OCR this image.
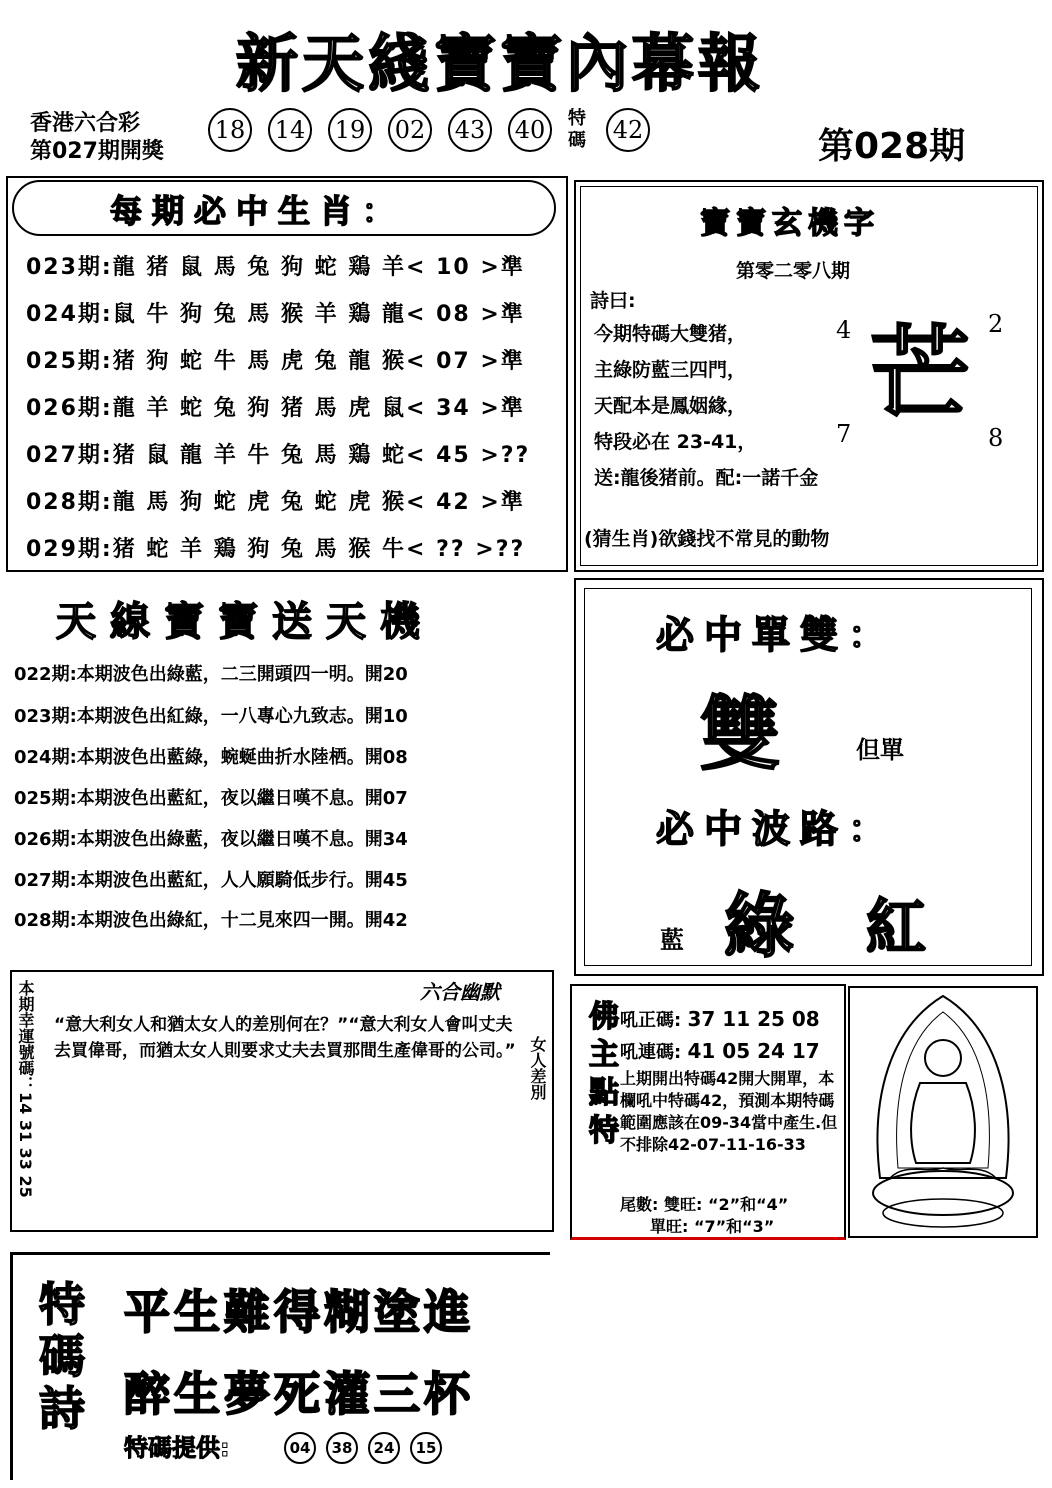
新天綫寶寶內幕報
香港六合彩
第027期開獎
18 14 19 02 43 40	特碼 42	第028期
每期必中生肖：
023期:龍 猪 鼠 馬 兔 狗 蛇 鶏 羊< 10 >準
024期:鼠 牛 狗 兔 馬 猴 羊 鶏 龍< 08 >準
025期:猪 狗 蛇 牛 馬 虎 兔 龍 猴< 07 >準
026期:龍 羊 蛇 兔 狗 猪 馬 虎 鼠< 34 >準
027期:猪 鼠 龍 羊 牛 兔 馬 鶏 蛇< 45 >??
028期:龍 馬 狗 蛇 虎 兔 蛇 虎 猴< 42 >準
029期:猪 蛇 羊 鶏 狗 兔 馬 猴 牛< ?? >??
寶寶玄機字
第零二零八期
詩曰:
今期特碼大雙猪，
主綠防藍三四門，
天配本是鳳姻緣，
特段必在 23-41，
送:龍後猪前。配:一諾千金
(猜生肖)欲錢找不常見的動物
芒
4	2
7	8
天線寶寶送天機
022期:本期波色出綠藍，二三開頭四一明。開20
023期:本期波色出紅綠，一八專心九致志。開10
024期:本期波色出藍綠，蜿蜒曲折水陸栖。開08
025期:本期波色出藍紅，夜以繼日嘆不息。開07
026期:本期波色出綠藍，夜以繼日嘆不息。開34
027期:本期波色出藍紅，人人願騎低步行。開45
028期:本期波色出綠紅，十二見來四一開。開42
必中單雙：
雙	但單
必中波路：
藍 綠 紅
本期幸運號碼：14 31 33 25
六合幽默
“意大利女人和猶太女人的差別何在？”“意大利女人會叫丈夫去買偉哥，而猶太女人則要求丈夫去買那間生產偉哥的公司。” 女人差別 佛主點特 吼正碼: 37 11 25 08
吼連碼: 41 05 24 17
上期開出特碼42開大開單，本欄吼中特碼42，預測本期特碼範圍應該在09-34當中產生.但不排除42-07-11-16-33
尾數: 雙旺: “2”和“4”
單旺: “7”和“3”
特碼詩 平生難得糊塗進
醉生夢死灌三杯
特碼提供:	04	38	24	15
